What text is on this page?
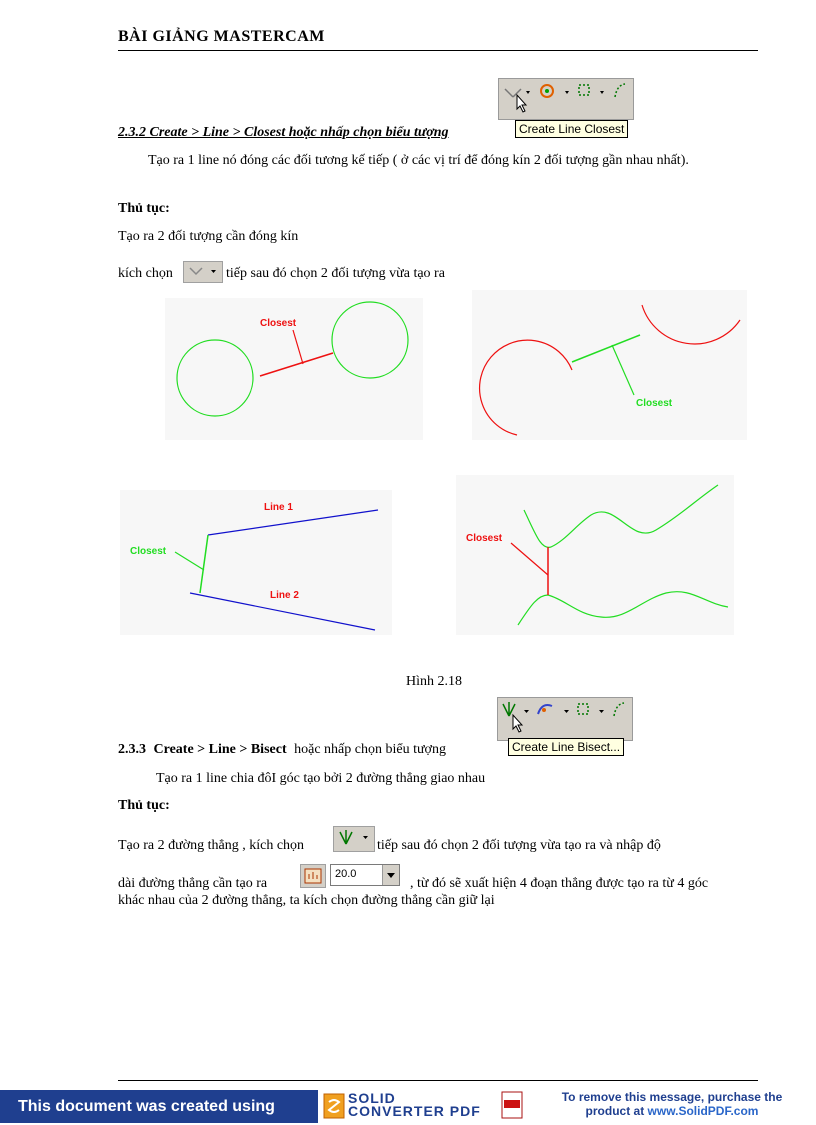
BÀI GIẢNG MASTERCAM
Create Line Closest
2.3.2 Create > Line > Closest hoặc nhấp chọn biểu tượng
Tạo ra 1 line nó đóng các đối tương kế tiếp ( ở các vị trí để đóng kín 2 đối tượng gần nhau nhất).
Thủ tục:
Tạo ra 2 đối tượng cần đóng kín
kích chọn	tiếp sau đó chọn 2 đối tượng vừa tạo ra
Closest
Closest
Closest
Line 1
Line 2
Closest
Hình 2.18
Create Line Bisect...
2.3.3 Create > Line > Bisect hoặc nhấp chọn biểu tượng
Tạo ra 1 line chia đôI góc tạo bởi 2 đường thẳng giao nhau
Thủ tục:
Tạo ra 2 đường thẳng , kích chọn	tiếp sau đó chọn 2 đối tượng vừa tạo ra và nhập độ
dài đường thẳng cần tạo ra
20.0
, từ đó sẽ xuất hiện 4 đoạn thẳng được tạo ra từ 4 góc
khác nhau của 2 đường thẳng, ta kích chọn đường thẳng cần giữ lại
This document was created using	SOLID
CONVERTER PDF
To remove this message, purchase the
product at www.SolidPDF.com
